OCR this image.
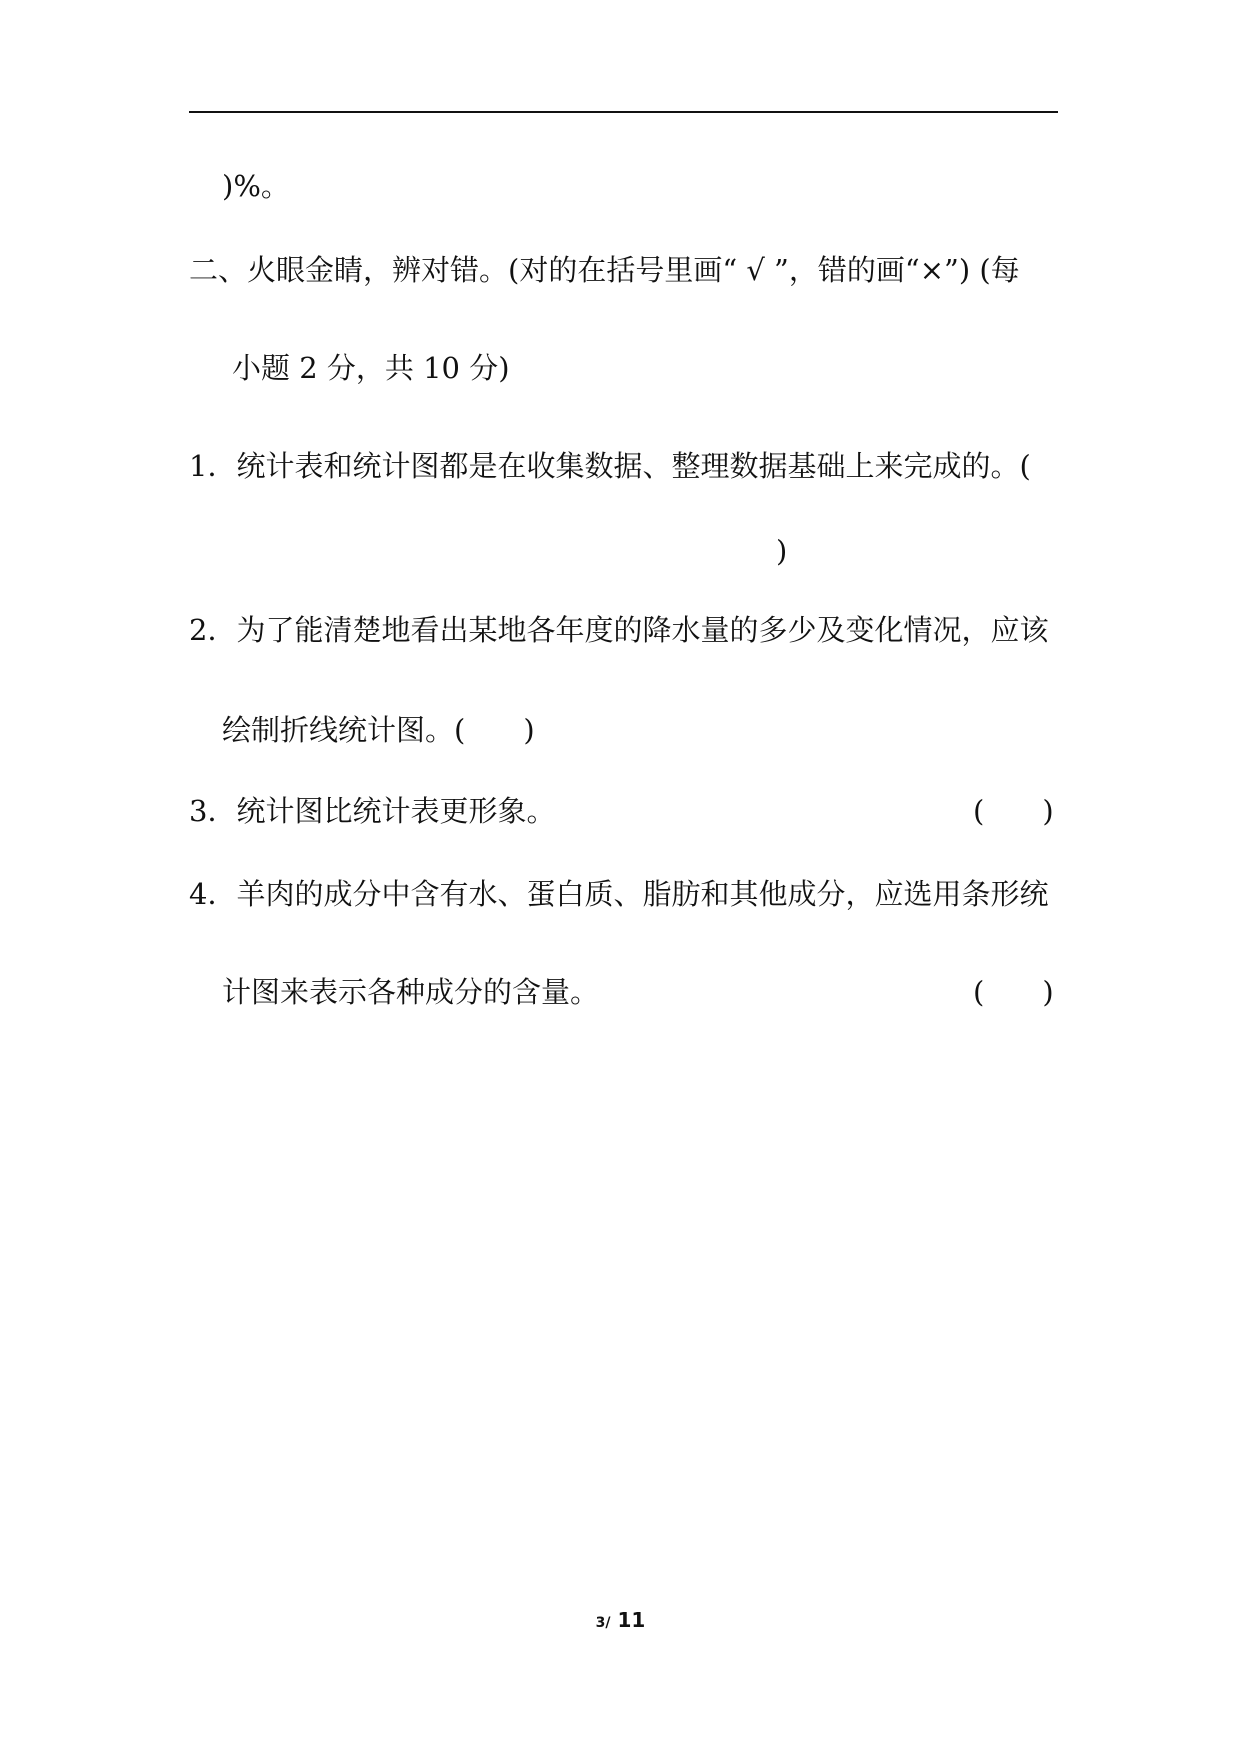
)%。
二、火眼金睛，辨对错。(对的在括号里画“ √ ”，错的画“×”) (每
小题 2 分，共 10 分)
1．统计表和统计图都是在收集数据、整理数据基础上来完成的。(
)
2．为了能清楚地看出某地各年度的降水量的多少及变化情况，应该
绘制折线统计图。(　　)
3．统计图比统计表更形象。	(　　)
4．羊肉的成分中含有水、蛋白质、脂肪和其他成分，应选用条形统
计图来表示各种成分的含量。	(　　)
3/ 11
